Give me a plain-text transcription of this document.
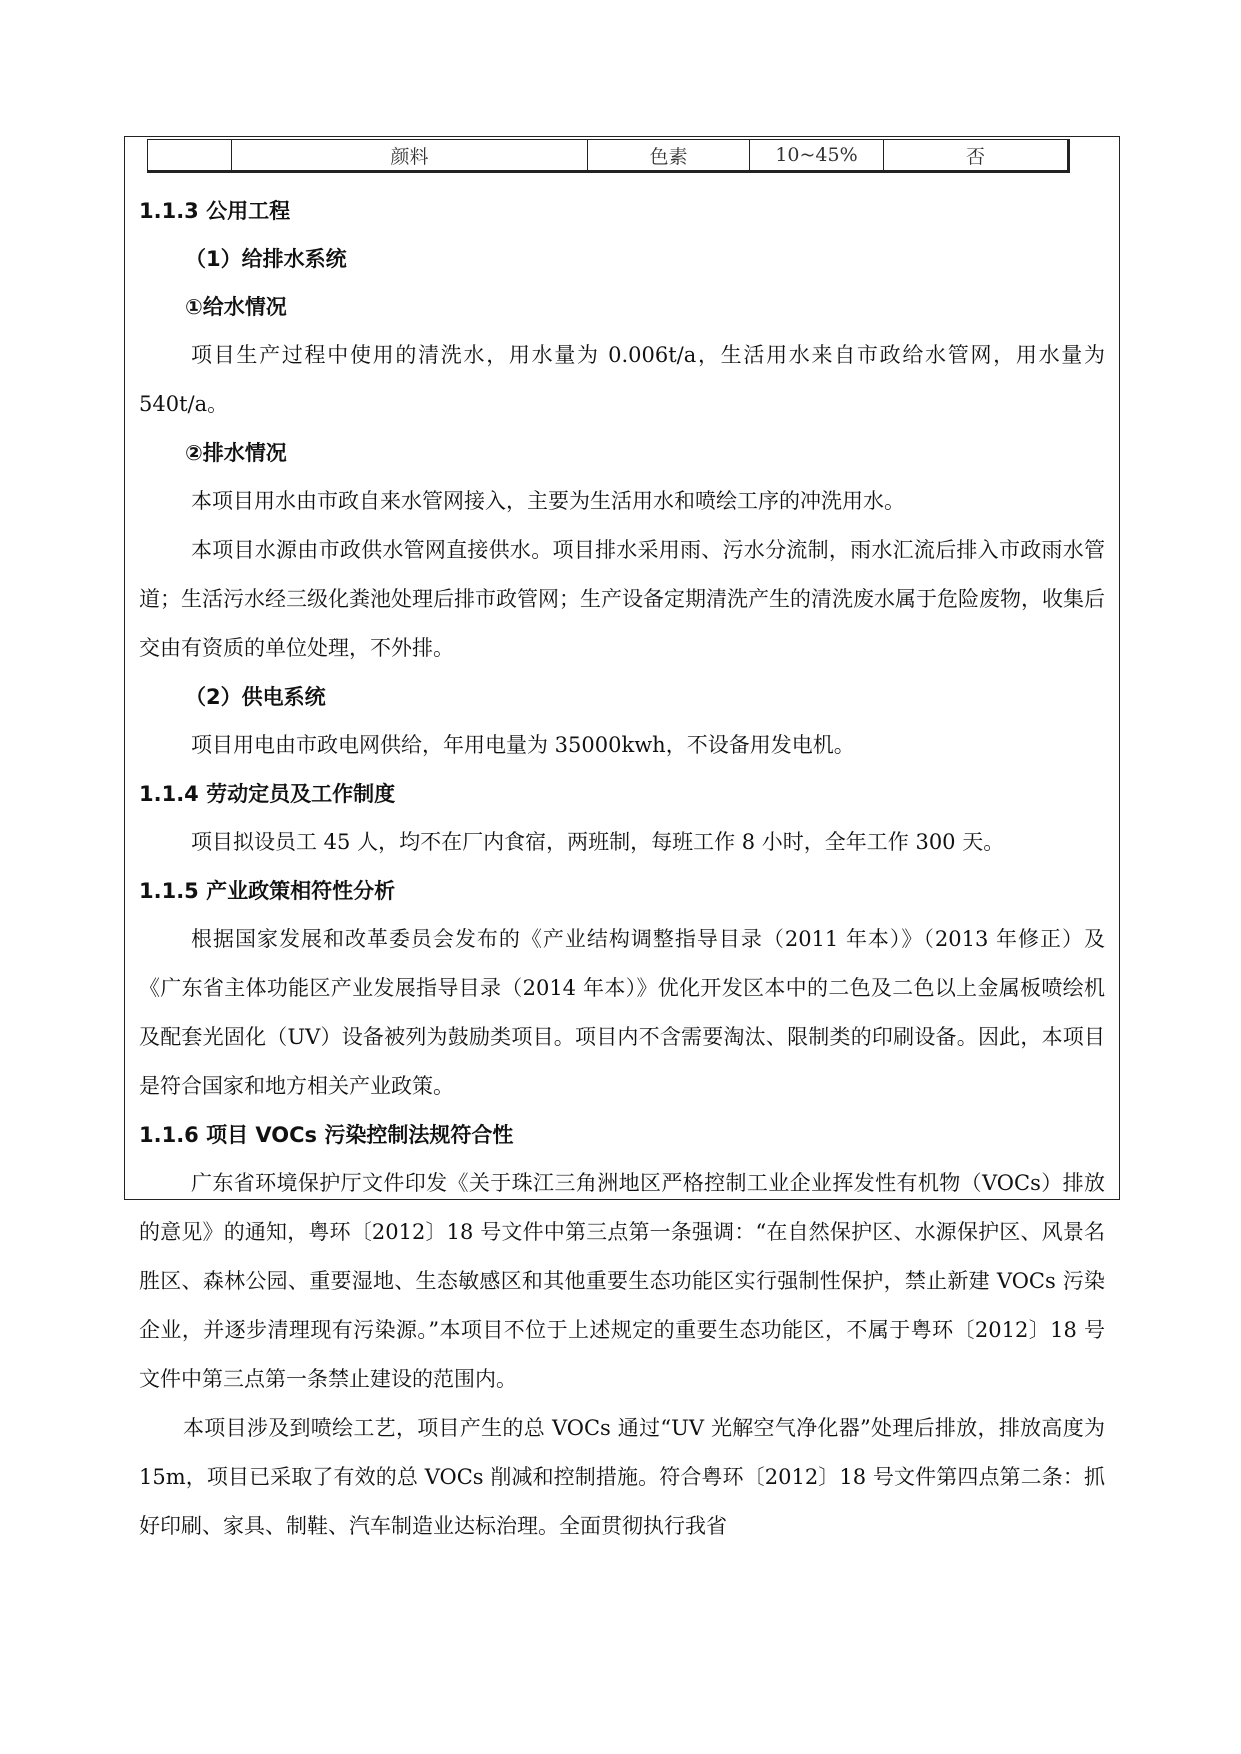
	颜料	色素	10~45%	否

1.1.3 公用工程

（1）给排水系统

①给水情况

项目生产过程中使用的清洗水，用水量为 0.006t/a，生活用水来自市政给水管网，用水量为 540t/a。

②排水情况

本项目用水由市政自来水管网接入，主要为生活用水和喷绘工序的冲洗用水。

本项目水源由市政供水管网直接供水。项目排水采用雨、污水分流制，雨水汇流后排入市政雨水管道；生活污水经三级化粪池处理后排市政管网；生产设备定期清洗产生的清洗废水属于危险废物，收集后交由有资质的单位处理，不外排。

（2）供电系统

项目用电由市政电网供给，年用电量为 35000kwh，不设备用发电机。

1.1.4 劳动定员及工作制度

项目拟设员工 45 人，均不在厂内食宿，两班制，每班工作 8 小时，全年工作 300 天。

1.1.5 产业政策相符性分析

根据国家发展和改革委员会发布的《产业结构调整指导目录（2011 年本）》（2013 年修正）及《广东省主体功能区产业发展指导目录（2014 年本）》优化开发区本中的二色及二色以上金属板喷绘机及配套光固化（UV）设备被列为鼓励类项目。项目内不含需要淘汰、限制类的印刷设备。因此，本项目是符合国家和地方相关产业政策。

1.1.6 项目 VOCs 污染控制法规符合性

广东省环境保护厅文件印发《关于珠江三角洲地区严格控制工业企业挥发性有机物（VOCs）排放的意见》的通知，粤环〔2012〕18 号文件中第三点第一条强调：“在自然保护区、水源保护区、风景名胜区、森林公园、重要湿地、生态敏感区和其他重要生态功能区实行强制性保护，禁止新建 VOCs 污染企业，并逐步清理现有污染源。”本项目不位于上述规定的重要生态功能区，不属于粤环〔2012〕18 号文件中第三点第一条禁止建设的范围内。

本项目涉及到喷绘工艺，项目产生的总 VOCs 通过“UV 光解空气净化器”处理后排放，排放高度为 15m，项目已采取了有效的总 VOCs 削减和控制措施。符合粤环〔2012〕18 号文件第四点第二条：抓好印刷、家具、制鞋、汽车制造业达标治理。全面贯彻执行我省
